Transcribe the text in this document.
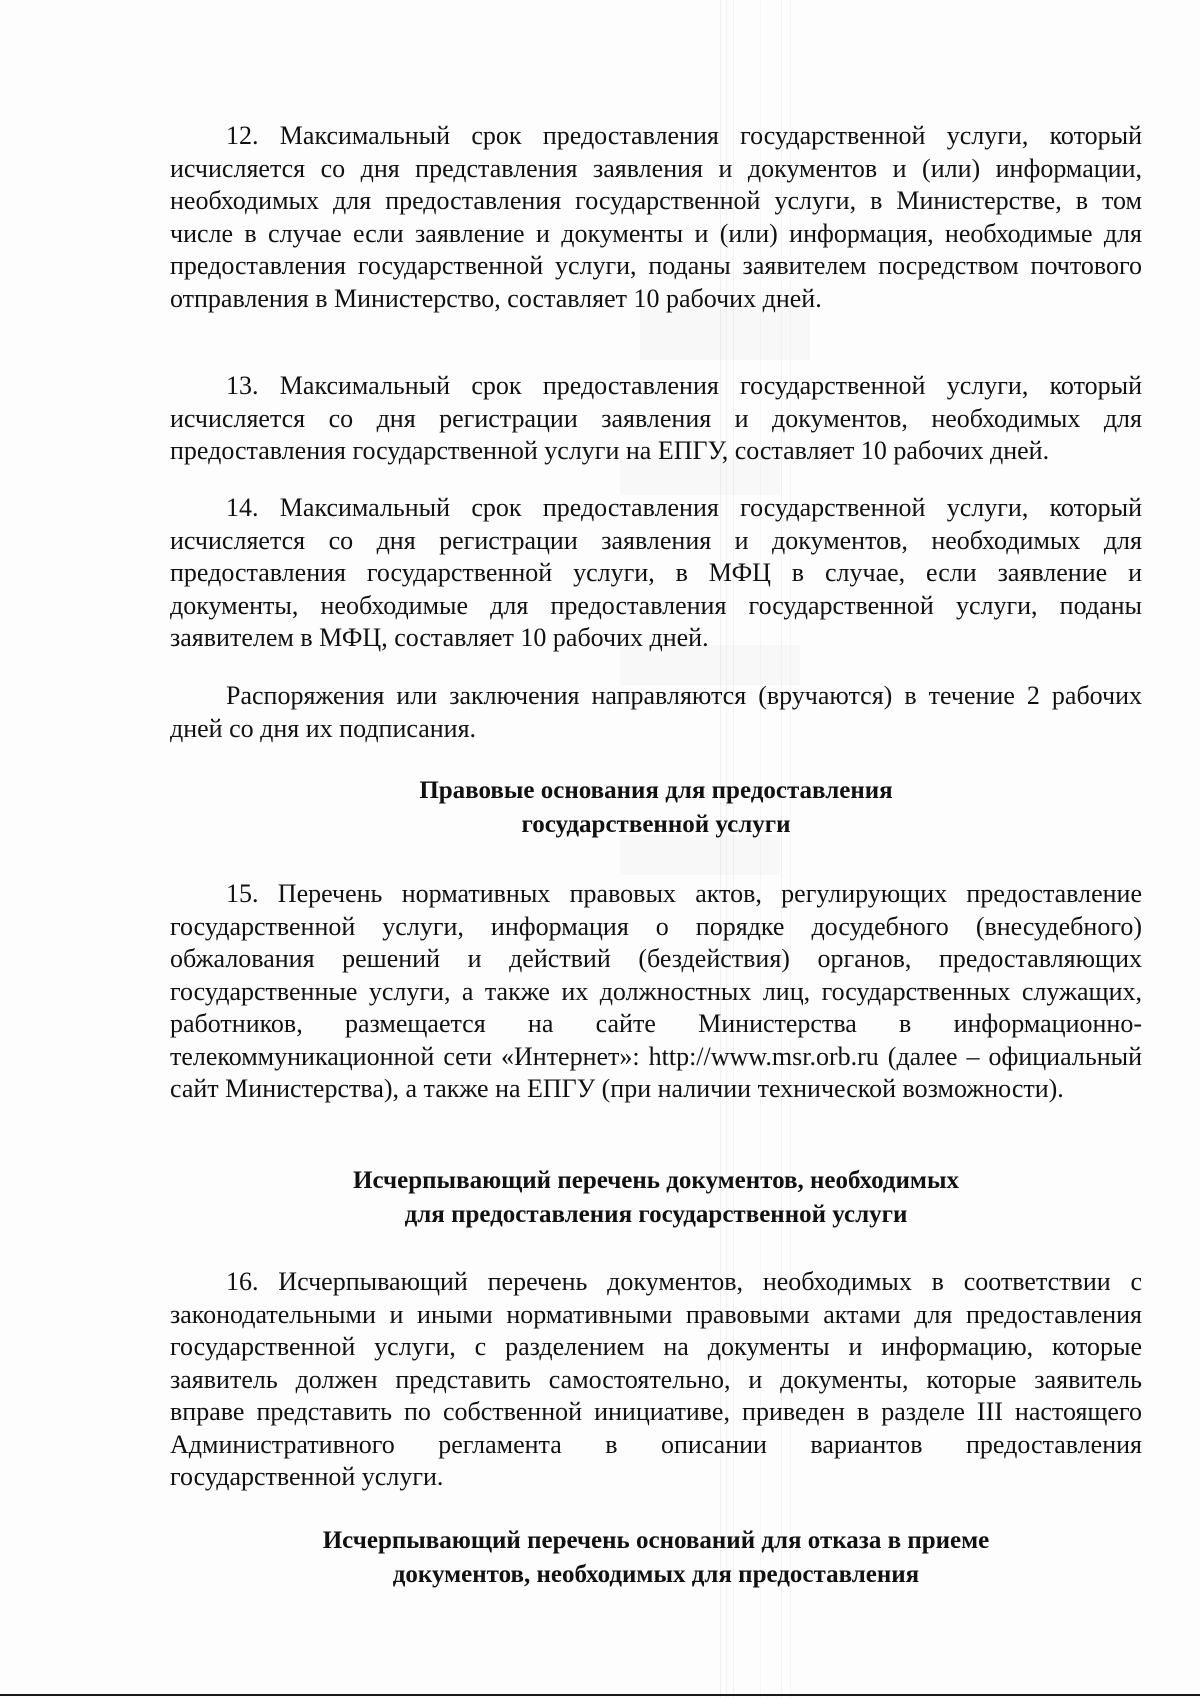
12. Максимальный срок предоставления государственной услуги, который исчисляется со дня представления заявления и документов и (или) информации, необходимых для предоставления государственной услуги, в Министерстве, в том числе в случае если заявление и документы и (или) информация, необходимые для предоставления государственной услуги, поданы заявителем посредством почтового отправления в Министерство, составляет 10 рабочих дней.

13. Максимальный срок предоставления государственной услуги, который исчисляется со дня регистрации заявления и документов, необходимых для предоставления государственной услуги на ЕПГУ, составляет 10 рабочих дней.

14. Максимальный срок предоставления государственной услуги, который исчисляется со дня регистрации заявления и документов, необходимых для предоставления государственной услуги, в МФЦ в случае, если заявление и документы, необходимые для предоставления государственной услуги, поданы заявителем в МФЦ, составляет 10 рабочих дней.

Распоряжения или заключения направляются (вручаются) в течение 2 рабочих дней со дня их подписания.

Правовые основания для предоставления
государственной услуги

15. Перечень нормативных правовых актов, регулирующих предоставление государственной услуги, информация о порядке досудебного (внесудебного) обжалования решений и действий (бездействия) органов, предоставляющих государственные услуги, а также их должностных лиц, государственных служащих, работников, размещается на сайте Министерства в информационно-телекоммуникационной сети «Интернет»: http://www.msr.orb.ru (далее – официальный сайт Министерства), а также на ЕПГУ (при наличии технической возможности).

Исчерпывающий перечень документов, необходимых
для предоставления государственной услуги

16. Исчерпывающий перечень документов, необходимых в соответствии с законодательными и иными нормативными правовыми актами для предоставления государственной услуги, с разделением на документы и информацию, которые заявитель должен представить самостоятельно, и документы, которые заявитель вправе представить по собственной инициативе, приведен в разделе III настоящего Административного регламента в описании вариантов предоставления государственной услуги.

Исчерпывающий перечень оснований для отказа в приеме
документов, необходимых для предоставления
